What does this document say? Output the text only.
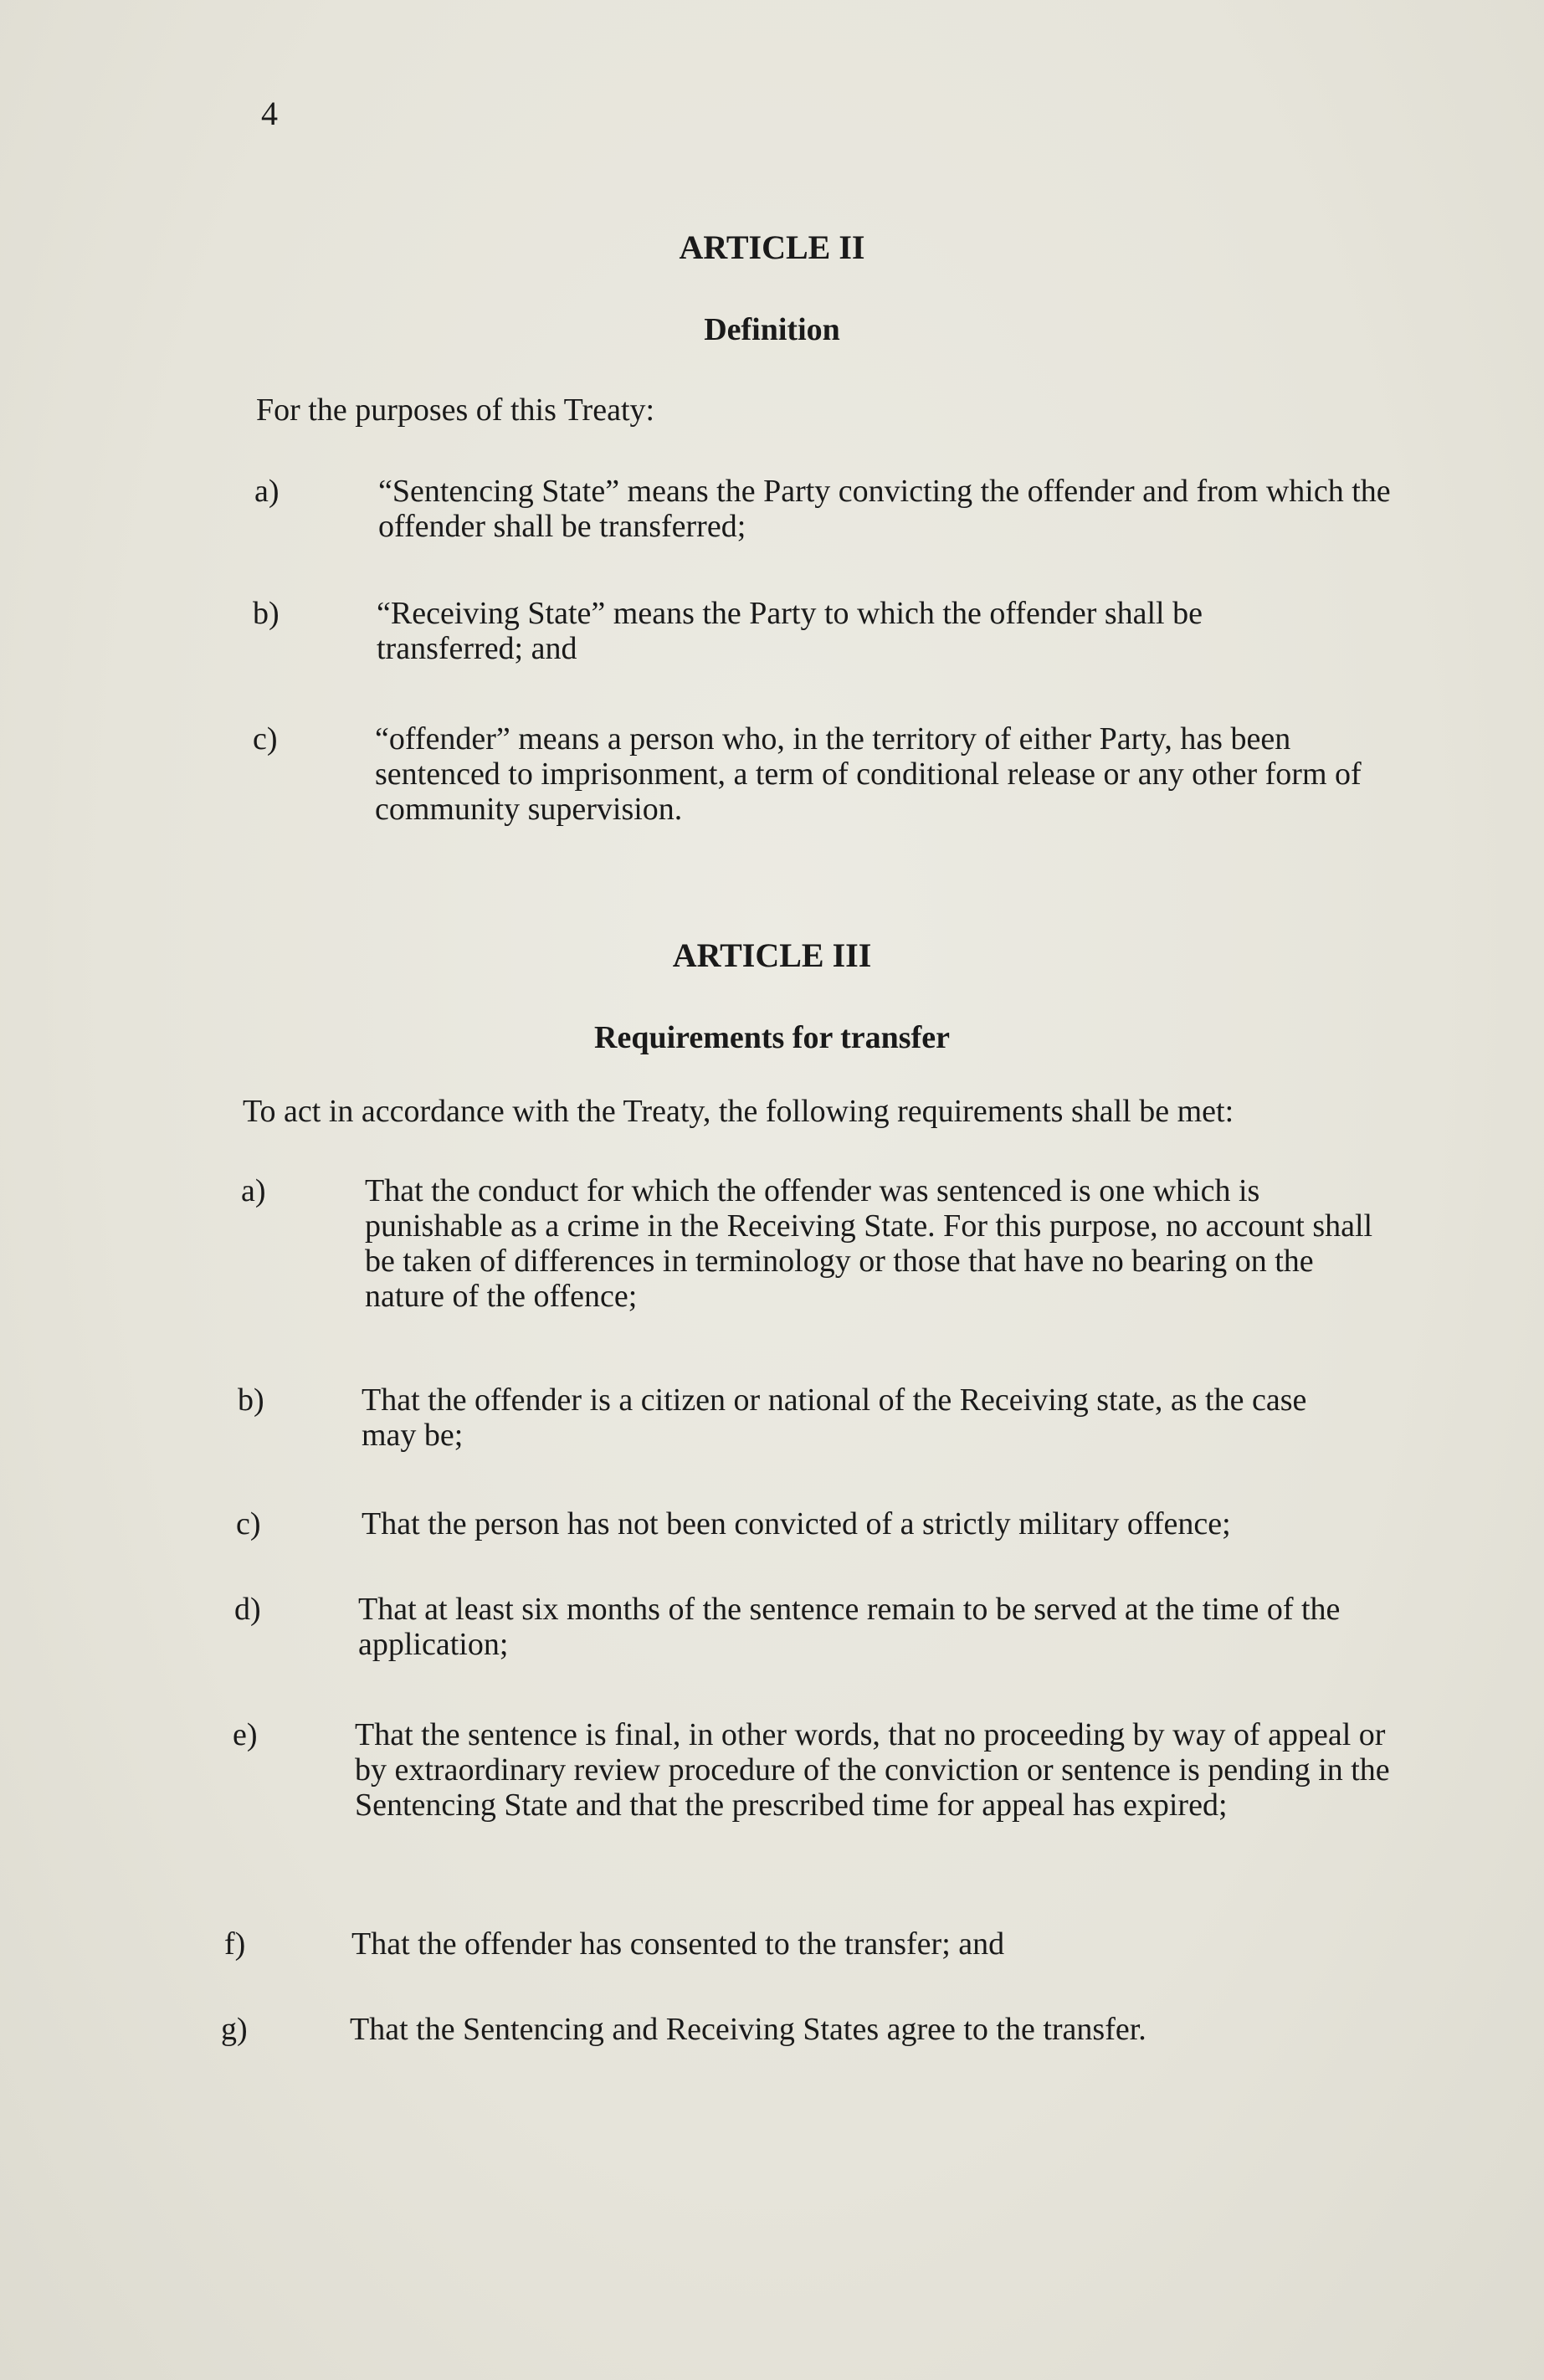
4
ARTICLE II
Definition
For the purposes of this Treaty:
a)	“Sentencing State” means the Party convicting the offender and from which the offender shall be transferred;
b)	“Receiving State” means the Party to which the offender shall be transferred; and
c)	“offender” means a person who, in the territory of either Party, has been sentenced to imprisonment, a term of conditional release or any other form of community supervision.
ARTICLE III
Requirements for transfer
To act in accordance with the Treaty, the following requirements shall be met:
a)	That the conduct for which the offender was sentenced is one which is punishable as a crime in the Receiving State. For this purpose, no account shall be taken of differences in terminology or those that have no bearing on the nature of the offence;
b)	That the offender is a citizen or national of the Receiving state, as the case may be;
c)	That the person has not been convicted of a strictly military offence;
d)	That at least six months of the sentence remain to be served at the time of the application;
e)	That the sentence is final, in other words, that no proceeding by way of appeal or by extraordinary review procedure of the conviction or sentence is pending in the Sentencing State and that the prescribed time for appeal has expired;
f)	That the offender has consented to the transfer; and
g)	That the Sentencing and Receiving States agree to the transfer.
